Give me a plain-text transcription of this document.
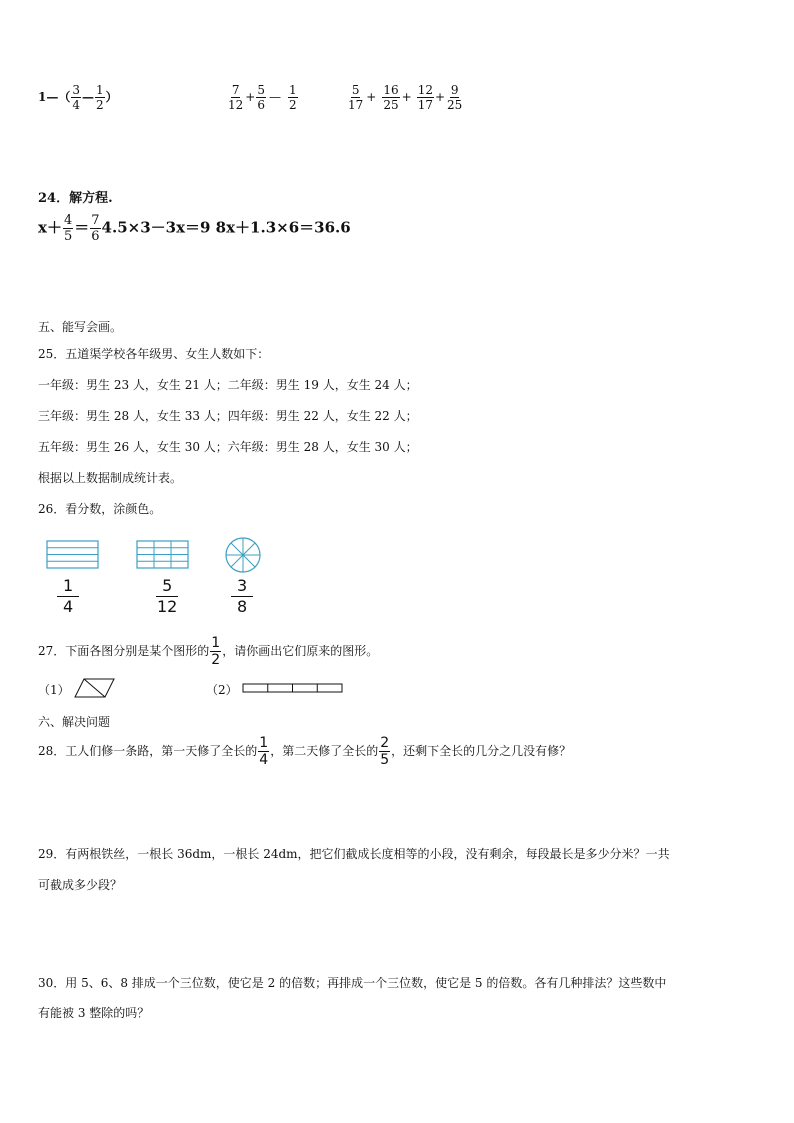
1—（ $\frac{3}{4}$ — $\frac{1}{2}$ ）	$\frac{7}{12} + \frac{5}{6}$ — $\frac{1}{2}$	$\frac{5}{17} + \frac{16}{25} + \frac{12}{17} + \frac{9}{25}$
24．解方程.
$x+ \frac{4}{5} = \frac{7}{6} 4.5\times 3-3x=9$ 8x＋1.3×6＝36.6
五、能写会画。
25．五道渠学校各年级男、女生人数如下：
一年级：男生 23 人，女生 21 人；二年级：男生 19 人，女生 24 人；
三年级：男生 28 人，女生 33 人；四年级：男生 22 人，女生 22 人；
五年级：男生 26 人，女生 30 人；六年级：男生 28 人，女生 30 人；
根据以上数据制成统计表。
26．看分数，涂颜色。
$\frac{1}{4}$	$\frac{5}{12}$	$\frac{3}{8}$
27．下面各图分别是某个图形的 $\frac{1}{2}$ ，请你画出它们原来的图形。
（1）	（2）
六、解决问题
28．工人们修一条路，第一天修了全长的 $\frac{1}{4}$ ，第二天修了全长的 $\frac{2}{5}$ ，还剩下全长的几分之几没有修？
29．有两根铁丝，一根长 36dm，一根长 24dm，把它们截成长度相等的小段，没有剩余，每段最长是多少分米？一共
可截成多少段？
30．用 5、6、8 排成一个三位数，使它是 2 的倍数；再排成一个三位数，使它是 5 的倍数。各有几种排法？这些数中
有能被 3 整除的吗？
